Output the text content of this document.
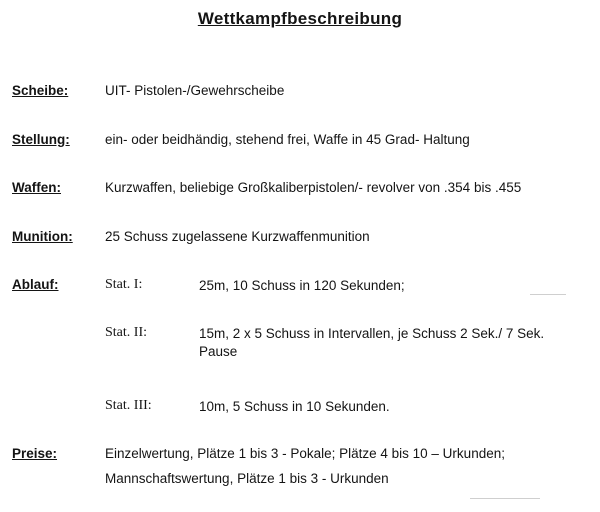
Wettkampfbeschreibung
Scheibe:	UIT- Pistolen-/Gewehrscheibe
Stellung:	ein- oder beidhändig, stehend frei, Waffe in 45 Grad- Haltung
Waffen:	Kurzwaffen, beliebige Großkaliberpistolen/- revolver von .354 bis .455
Munition: 25 Schuss zugelassene Kurzwaffenmunition
Ablauf:	Stat. I:	25m, 10 Schuss in 120 Sekunden;
Stat. II:	15m, 2 x 5 Schuss in Intervallen, je Schuss 2 Sek./ 7 Sek.
Pause
Stat. III:	10m, 5 Schuss in 10 Sekunden.
Preise:	Einzelwertung, Plätze 1 bis 3 - Pokale; Plätze 4 bis 10 – Urkunden;
Mannschaftswertung, Plätze 1 bis 3 - Urkunden
